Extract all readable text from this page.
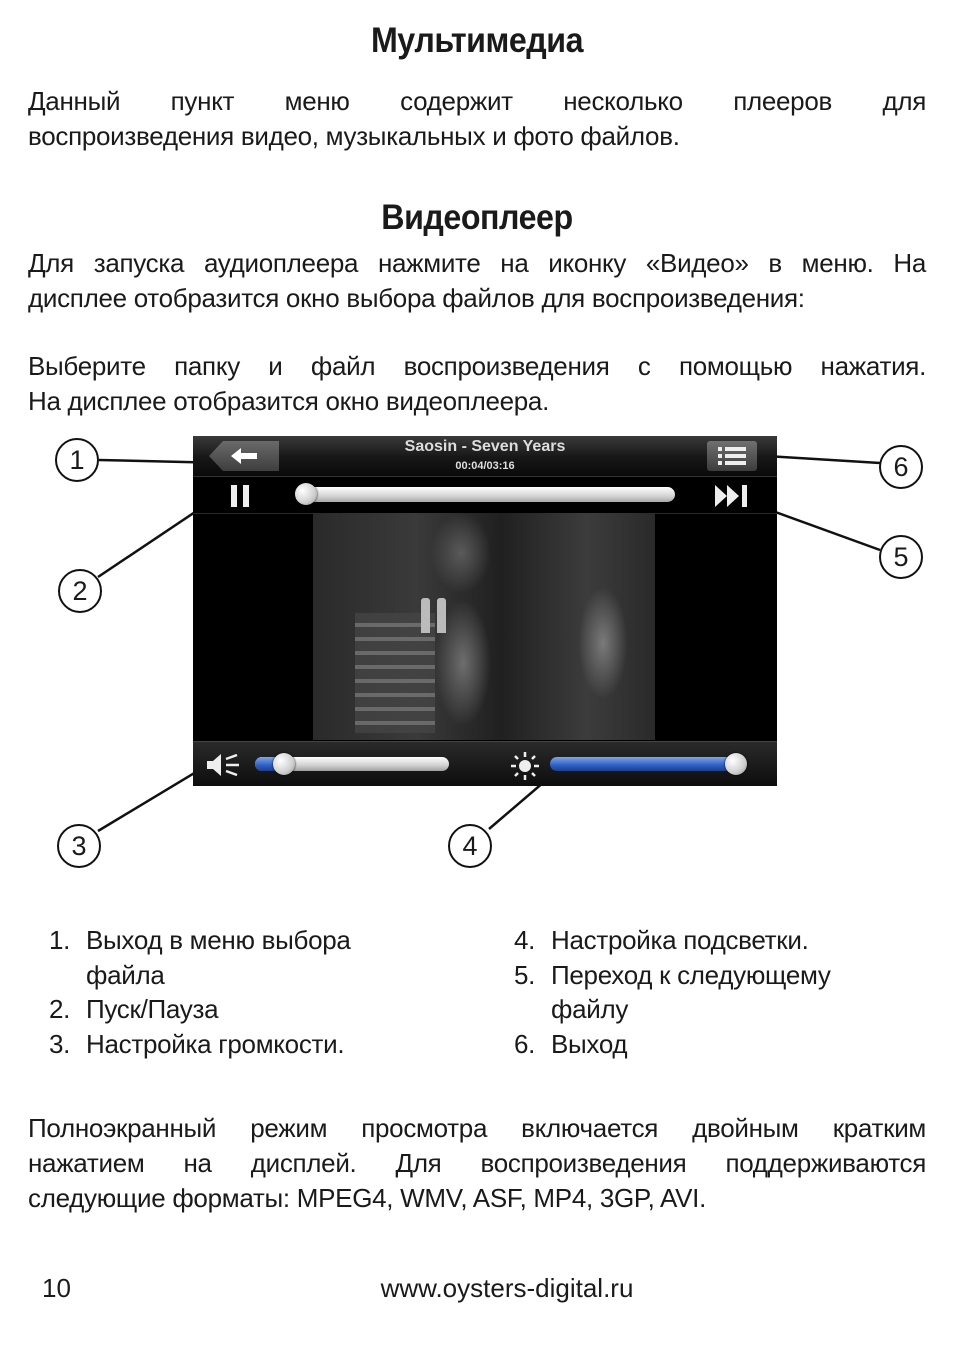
Мультимедиа
Данный пункт меню содержит несколько плееров для
воспроизведения видео, музыкальных и фото файлов.
Видеоплеер
Для запуска аудиоплеера нажмите на иконку «Видео» в меню. На
дисплее отобразится окно выбора файлов для воспроизведения:
Выберите папку и файл воспроизведения с помощью нажатия.
На дисплее отобразится окно видеоплеера.
Saosin - Seven Years
00:04/03:16
1
2
3	4
5
6
1. Выход в меню выбора файла
2. Пуск/Пауза
3. Настройка громкости.
4. Настройка подсветки.
5. Переход к следующему файлу
6. Выход
Полноэкранный режим просмотра включается двойным кратким
нажатием на дисплей. Для воспроизведения поддерживаются
следующие форматы: MPEG4, WMV, ASF, MP4, 3GP, AVI.
10	www.oysters-digital.ru
